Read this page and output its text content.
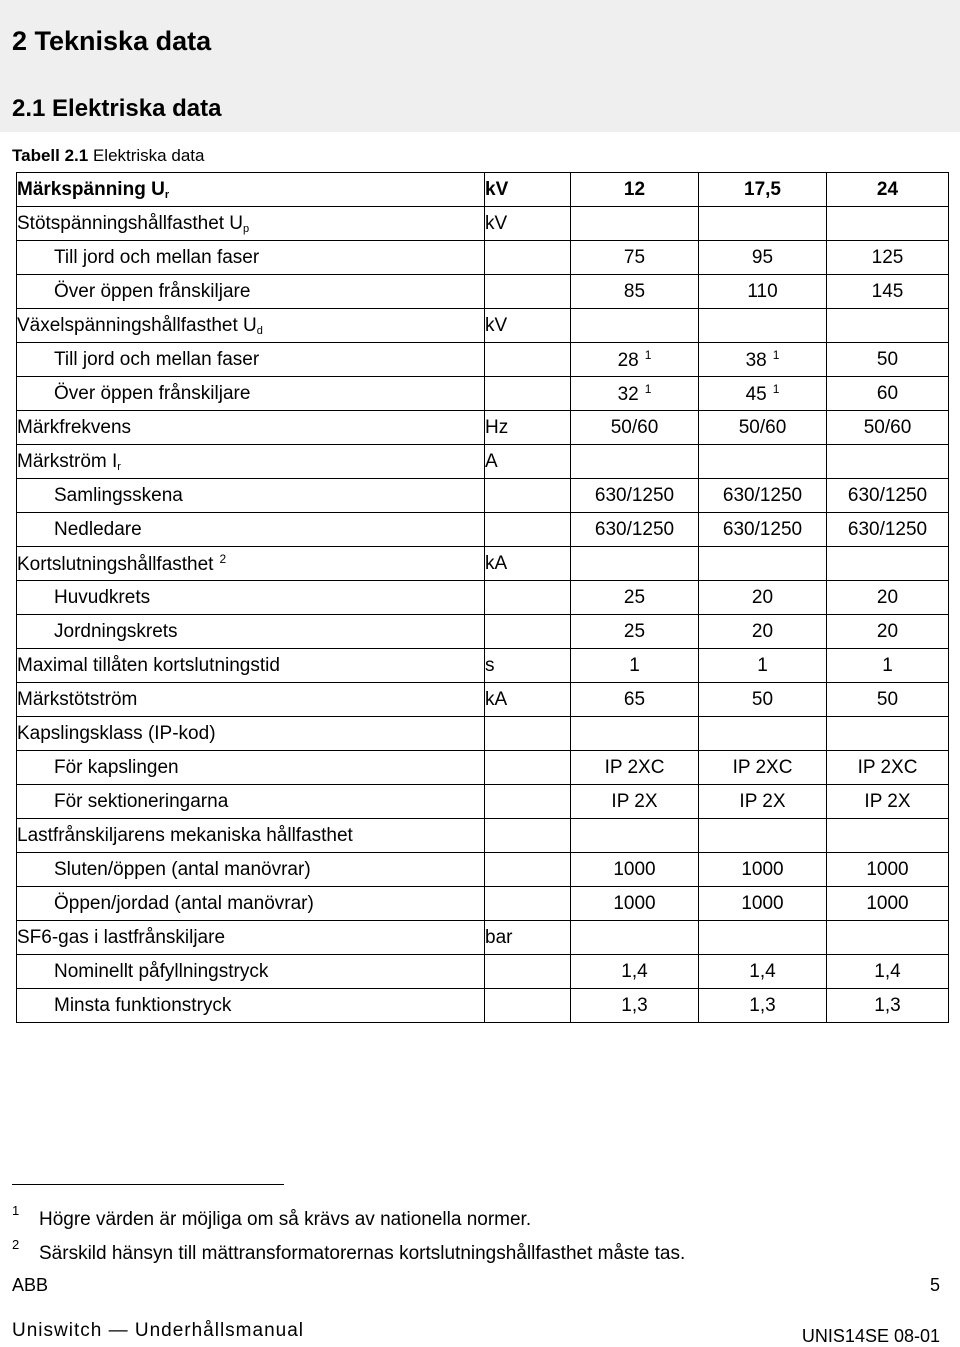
2 Tekniska data
2.1 Elektriska data
Tabell 2.1 Elektriska data
Märkspänning $U_r$	kV	12	17,5	24
Stötspänningshållfasthet $U_p$	kV			
Till jord och mellan faser		75	95	125
Över öppen frånskiljare		85	110	145
Växelspänningshållfasthet $U_d$	kV			
Till jord och mellan faser		28 $^1$	38 $^1$	50
Över öppen frånskiljare		32 $^1$	45 $^1$	60
Märkfrekvens	Hz	50/60	50/60	50/60
Märkström $I_r$	A			
Samlingsskena		630/1250	630/1250	630/1250
Nedledare		630/1250	630/1250	630/1250
Kortslutningshållfasthet $^2$	kA			
Huvudkrets		25	20	20
Jordningskrets		25	20	20
Maximal tillåten kortslutningstid	s	1	1	1
Märkstötström	kA	65	50	50
Kapslingsklass (IP-kod)				
För kapslingen		IP 2XC	IP 2XC	IP 2XC
För sektioneringarna		IP 2X	IP 2X	IP 2X
Lastfrånskiljarens mekaniska hållfasthet				
Sluten/öppen (antal manövrar)		1000	1000	1000
Öppen/jordad (antal manövrar)		1000	1000	1000
SF6-gas i lastfrånskiljare	bar			
Nominellt påfyllningstryck		1,4	1,4	1,4
Minsta funktionstryck		1,3	1,3	1,3
1 Högre värden är möjliga om så krävs av nationella normer.
2 Särskild hänsyn till mättransformatorernas kortslutningshållfasthet måste tas.
ABB	5
Uniswitch — Underhållsmanual	UNIS14SE 08-01
